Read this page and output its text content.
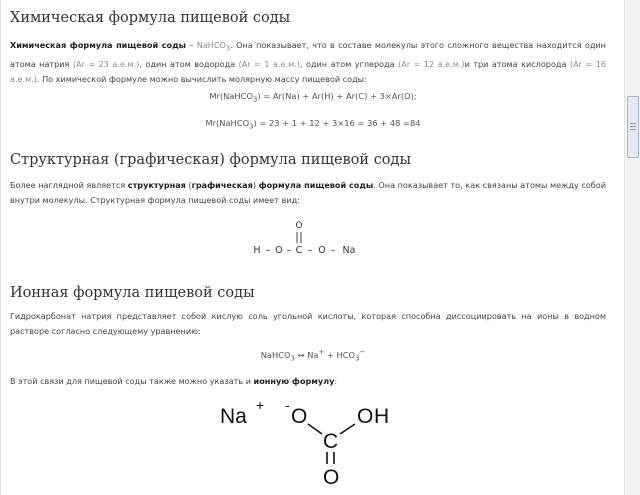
Химическая формула пищевой соды

Химическая формула пищевой соды – NaHCO$_3$. Она показывает, что в составе молекулы этого сложного вещества находится один атома натрия (Ar = 23 а.е.м.), один атом водорода (Ar = 1 а.е.м.), один атом углерода (Ar = 12 а.е.м.)и три атома кислорода (Ar = 16 а.е.м.). По химической формуле можно вычислить молярную массу пищевой соды:

Mr(NaHCO$_3$) = Ar(Na) + Ar(H) + Ar(C) + 3×Ar(O);
Mr(NaHCO$_3$) = 23 + 1 + 12 + 3×16 = 36 + 48 =84
Структурная (графическая) формула пищевой соды

Более наглядной является структурная (графическая) формула пищевой соды. Она показывает то, как связаны атомы между собой внутри молекулы. Структурная формула пищевой соды имеет вид:

O
H – O – C – O – Na
Ионная формула пищевой соды

Гидрокарбонат натрия представляет собой кислую соль угольной кислоты, которая способна диссоциировать на ионы в водном растворе согласно следующему уравнению:

NaHCO$_3$ ↔ $Na^+ + HCO_3^-$

В этой связи для пищевой соды также можно указать и ионную формулу:

Na + - O
C
O H
O
